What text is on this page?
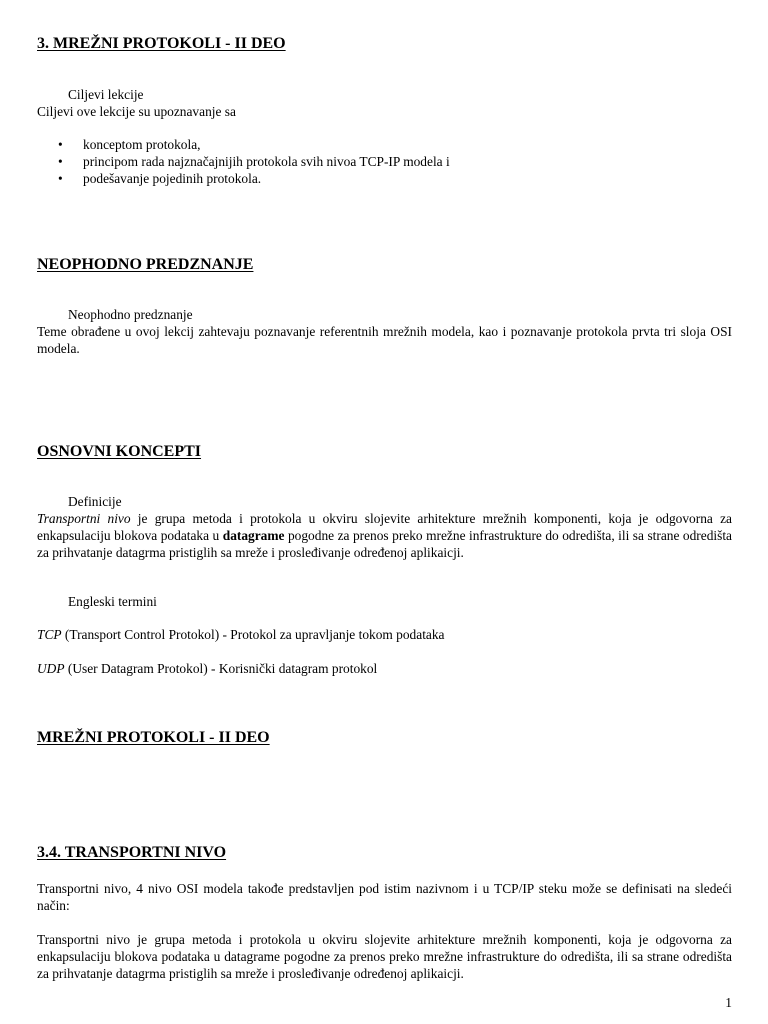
3. MREŽNI PROTOKOLI - II DEO
Ciljevi lekcije
Ciljevi ove lekcije su upoznavanje sa
• konceptom protokola,
• principom rada najznačajnijih protokola svih nivoa TCP-IP modela i
• podešavanje pojedinih protokola.
NEOPHODNO PREDZNANJE
Neophodno predznanje

Teme obrađene u ovoj lekcij zahtevaju poznavanje referentnih mrežnih modela, kao i poznavanje protokola prvta tri sloja OSI modela.

OSNOVNI KONCEPTI
Definicije

Transportni nivo je grupa metoda i protokola u okviru slojevite arhitekture mrežnih komponenti, koja je odgovorna za enkapsulaciju blokova podataka u datagrame pogodne za prenos preko mrežne infrastrukture do odredišta, ili sa strane odredišta za prihvatanje datagrma pristiglih sa mreže i prosleđivanje određenoj aplikaicji.

Engleski termini

TCP (Transport Control Protokol) - Protokol za upravljanje tokom podataka

UDP (User Datagram Protokol) - Korisnički datagram protokol

MREŽNI PROTOKOLI - II DEO
3.4. TRANSPORTNI NIVO

Transportni nivo, 4 nivo OSI modela takođe predstavljen pod istim nazivnom i u TCP/IP steku može se definisati na sledeći način:

Transportni nivo je grupa metoda i protokola u okviru slojevite arhitekture mrežnih komponenti, koja je odgovorna za enkapsulaciju blokova podataka u datagrame pogodne za prenos preko mrežne infrastrukture do odredišta, ili sa strane odredišta za prihvatanje datagrma pristiglih sa mreže i prosleđivanje određenoj aplikaicji.

1
